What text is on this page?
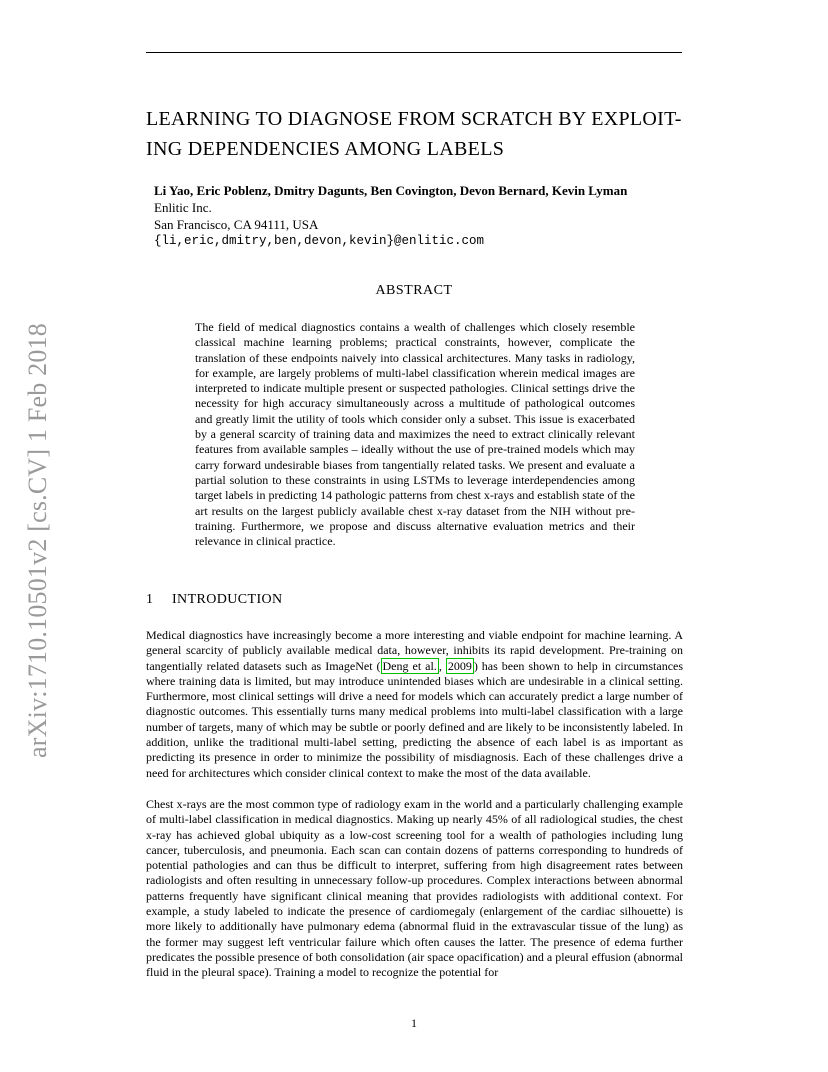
arXiv:1710.10501v2 [cs.CV] 1 Feb 2018
LEARNING TO DIAGNOSE FROM SCRATCH BY EXPLOIT-
ING DEPENDENCIES AMONG LABELS
Li Yao, Eric Poblenz, Dmitry Dagunts, Ben Covington, Devon Bernard, Kevin Lyman
Enlitic Inc.
San Francisco, CA 94111, USA
{li,eric,dmitry,ben,devon,kevin}@enlitic.com
ABSTRACT
The field of medical diagnostics contains a wealth of challenges which closely resemble classical machine learning problems; practical constraints, however, complicate the translation of these endpoints naively into classical architectures. Many tasks in radiology, for example, are largely problems of multi-label classification wherein medical images are interpreted to indicate multiple present or suspected pathologies. Clinical settings drive the necessity for high accuracy simultaneously across a multitude of pathological outcomes and greatly limit the utility of tools which consider only a subset. This issue is exacerbated by a general scarcity of training data and maximizes the need to extract clinically relevant features from available samples – ideally without the use of pre-trained models which may carry forward undesirable biases from tangentially related tasks. We present and evaluate a partial solution to these constraints in using LSTMs to leverage interdependencies among target labels in predicting 14 pathologic patterns from chest x-rays and establish state of the art results on the largest publicly available chest x-ray dataset from the NIH without pre-training. Furthermore, we propose and discuss alternative evaluation metrics and their relevance in clinical practice.
1 INTRODUCTION

Medical diagnostics have increasingly become a more interesting and viable endpoint for machine learning. A general scarcity of publicly available medical data, however, inhibits its rapid development. Pre-training on tangentially related datasets such as ImageNet ( Deng et al. , 2009 ) has been shown to help in circumstances where training data is limited, but may introduce unintended biases which are undesirable in a clinical setting. Furthermore, most clinical settings will drive a need for models which can accurately predict a large number of diagnostic outcomes. This essentially turns many medical problems into multi-label classification with a large number of targets, many of which may be subtle or poorly defined and are likely to be inconsistently labeled. In addition, unlike the traditional multi-label setting, predicting the absence of each label is as important as predicting its presence in order to minimize the possibility of misdiagnosis. Each of these challenges drive a need for architectures which consider clinical context to make the most of the data available.

Chest x-rays are the most common type of radiology exam in the world and a particularly challenging example of multi-label classification in medical diagnostics. Making up nearly 45% of all radiological studies, the chest x-ray has achieved global ubiquity as a low-cost screening tool for a wealth of pathologies including lung cancer, tuberculosis, and pneumonia. Each scan can contain dozens of patterns corresponding to hundreds of potential pathologies and can thus be difficult to interpret, suffering from high disagreement rates between radiologists and often resulting in unnecessary follow-up procedures. Complex interactions between abnormal patterns frequently have significant clinical meaning that provides radiologists with additional context. For example, a study labeled to indicate the presence of cardiomegaly (enlargement of the cardiac silhouette) is more likely to additionally have pulmonary edema (abnormal fluid in the extravascular tissue of the lung) as the former may suggest left ventricular failure which often causes the latter. The presence of edema further predicates the possible presence of both consolidation (air space opacification) and a pleural effusion (abnormal fluid in the pleural space). Training a model to recognize the potential for

1
